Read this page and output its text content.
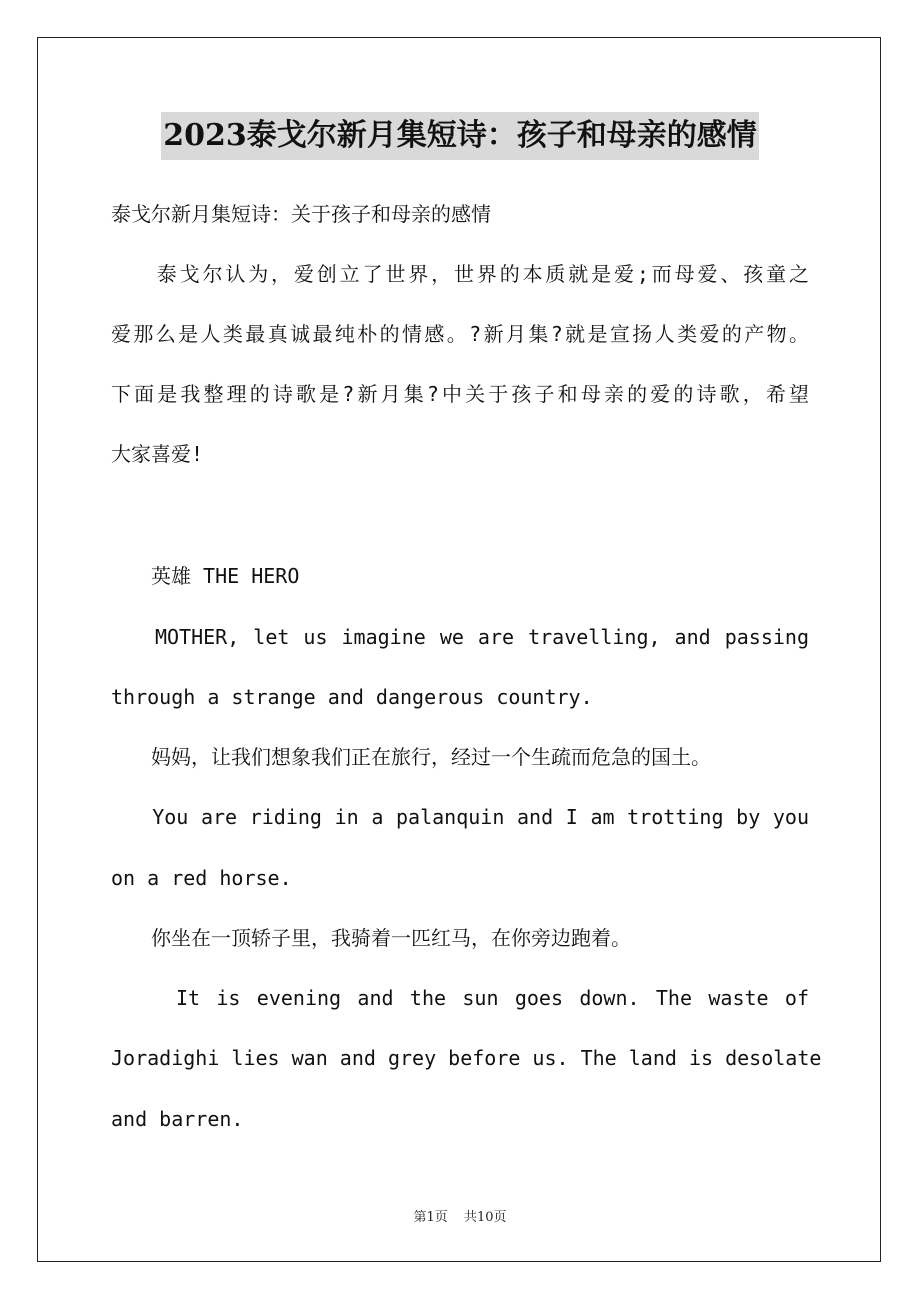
2023泰戈尔新月集短诗：孩子和母亲的感情
泰戈尔新月集短诗：关于孩子和母亲的感情
　　泰戈尔认为，爱创立了世界，世界的本质就是爱;而母爱、孩童之
爱那么是人类最真诚最纯朴的情感。?新月集?就是宣扬人类爱的产物。
下面是我整理的诗歌是?新月集?中关于孩子和母亲的爱的诗歌，希望
大家喜爱!
　　英雄 THE HERO
　　MOTHER, let us imagine we are travelling, and passing
through a strange and dangerous country.
　　妈妈，让我们想象我们正在旅行，经过一个生疏而危急的国土。
　　You are riding in a palanquin and I am trotting by you
on a red horse.
　　你坐在一顶轿子里，我骑着一匹红马，在你旁边跑着。
　　 It is evening and the sun goes down. The waste of
Joradighi lies wan and grey before us. The land is desolate
and barren.
第1页 共10页
